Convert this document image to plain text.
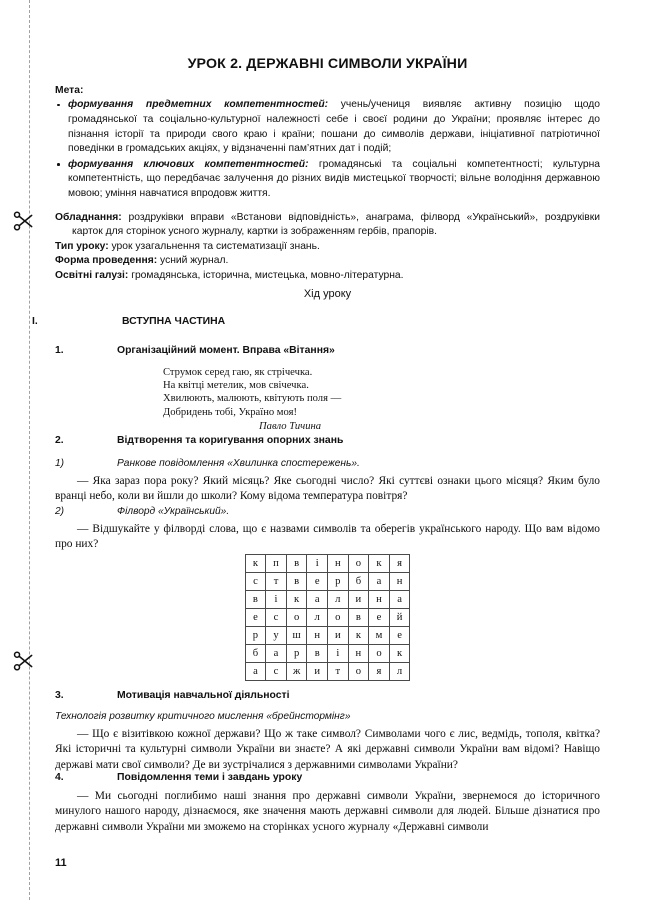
УРОК 2. ДЕРЖАВНІ СИМВОЛИ УКРАЇНИ
Мета:
формування предметних компетентностей: учень/учениця виявляє активну позицію щодо громадянської та соціально-культурної належності себе і своєї родини до України; проявляє інтерес до пізнання історії та природи свого краю і країни; пошани до символів держави, ініціативної патріотичної поведінки в громадських акціях, у відзначенні пам’ятних дат і подій;
формування ключових компетентностей: громадянські та соціальні компетентності; культурна компетентність, що передбачає залучення до різних видів мистецької творчості; вільне володіння державною мовою; уміння навчатися впродовж життя.
Обладнання: роздруківки вправи «Встанови відповідність», анаграма, філворд «Український», роздруківки карток для сторінок усного журналу, картки із зображенням гербів, прапорів.
Тип уроку: урок узагальнення та систематизації знань.
Форма проведення: усний журнал.
Освітні галузі: громадянська, історична, мистецька, мовно-літературна.
Хід уроку
I.	ВСТУПНА ЧАСТИНА
1.	Організаційний момент. Вправа «Вітання»
Струмок серед гаю, як стрічечка.
На квітці метелик, мов свічечка.
Хвилюють, малюють, квітують поля —
Добридень тобі, Україно моя!
Павло Тичина
2.	Відтворення та коригування опорних знань
1)	Ранкове повідомлення «Хвилинка спостережень».
— Яка зараз пора року? Який місяць? Яке сьогодні число? Які суттєві ознаки цього місяця? Яким було вранці небо, коли ви йшли до школи? Кому відома температура повітря?
2)	Філворд «Український».
— Відшукайте у філворді слова, що є назвами символів та оберегів українського народу. Що вам відомо про них?
к	п	в	і	н	о	к	я
с	т	в	е	р	б	а	н
в	і	к	а	л	и	н	а
е	с	о	л	о	в	е	й
р	у	ш	н	и	к	м	е
б	а	р	в	і	н	о	к
а	с	ж	и	т	о	я	л
3.	Мотивація навчальної діяльності
Технологія розвитку критичного мислення «брейнстормінг»
— Що є візитівкою кожної держави? Що ж таке символ? Символами чого є лис, ведмідь, тополя, квітка? Які історичні та культурні символи України ви знаєте? А які державні символи України вам відомі? Навіщо державі мати свої символи? Де ви зустрічалися з державними символами України?
4.	Повідомлення теми і завдань уроку
— Ми сьогодні поглибимо наші знання про державні символи України, звернемося до історичного минулого нашого народу, дізнаємося, яке значення мають державні символи для людей. Більше дізнатися про державні символи України ми зможемо на сторінках усного журналу «Державні символи
11
